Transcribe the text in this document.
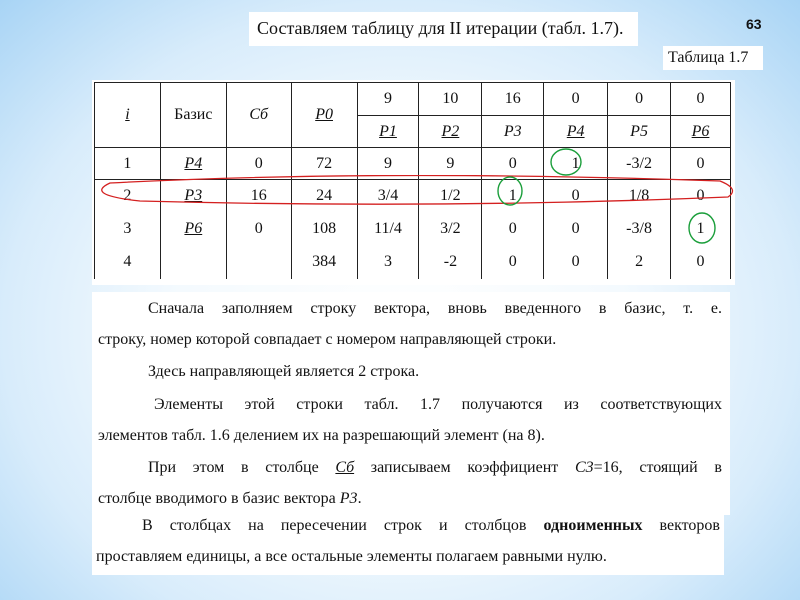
Составляем таблицу для II итерации (табл. 1.7).	63
Таблица 1.7
i	Базис	Cб	P0	9	10	16	0	0	0
				P1	P2	P3	P4	P5	P6
1	P4	0	72	9	9	0	1	-3/2	0
2	P3	16	24	3/4	1/2	1	0	1/8	0
3	P6	0	108	11/4	3/2	0	0	-3/8	1
4			384	3	-2	0	0	2	0
Сначала заполняем строку вектора, вновь введенного в базис, т. е.
строку, номер которой совпадает с номером направляющей строки.
Здесь направляющей является 2 строка.
Элементы этой строки табл. 1.7 получаются из соответствующих
элементов табл. 1.6 делением их на разрешающий элемент (на 8).
При этом в столбце Cб записываем коэффициент C3=16, стоящий в
столбце вводимого в базис вектора P3.
В столбцах на пересечении строк и столбцов одноименных векторов
проставляем единицы, а все остальные элементы полагаем равными нулю.
